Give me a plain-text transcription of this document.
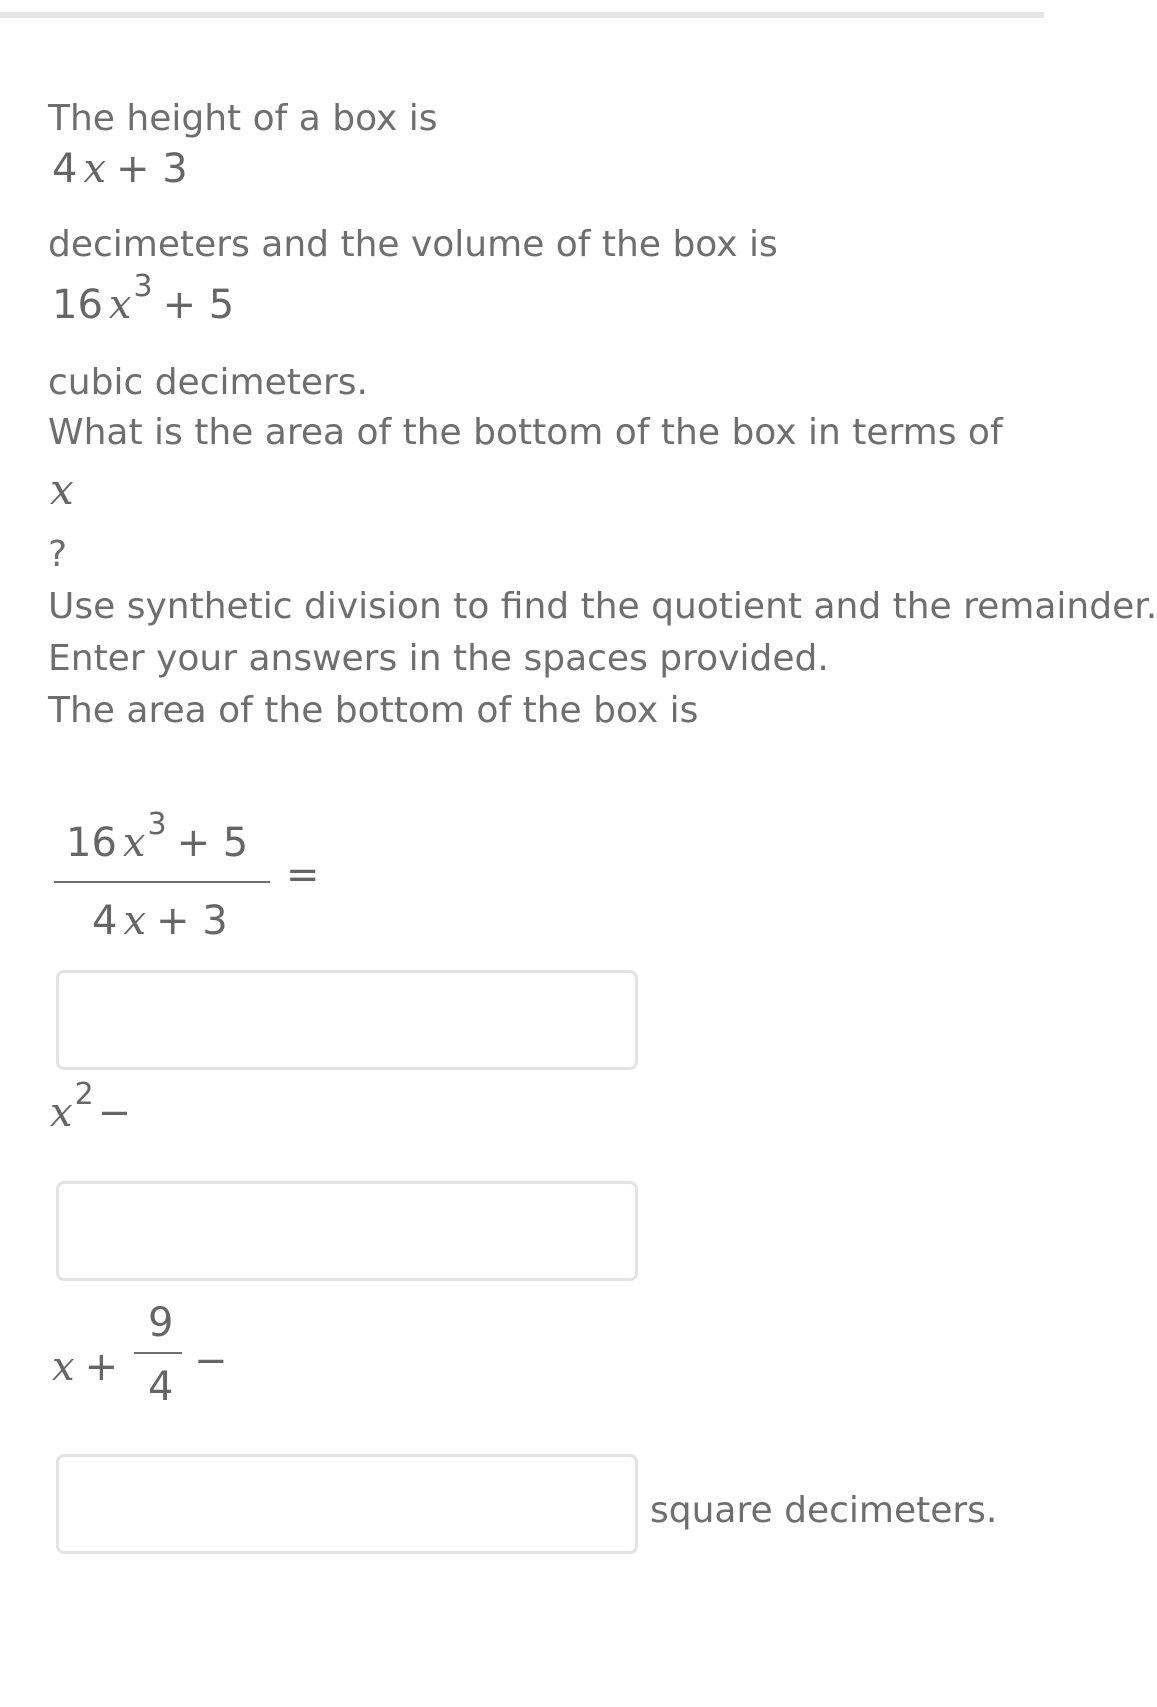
The height of a box is
4 x + 3
decimeters and the volume of the box is
16 $x^3 + 5$
cubic decimeters.
What is the area of the bottom of the box in terms of
x
?
Use synthetic division to find the quotient and the remainder.
Enter your answers in the spaces provided.
The area of the bottom of the box is
16 $x^3 + 5$
4 x + 3
=
$x^2$ −
x +
9
4
−
square decimeters.
